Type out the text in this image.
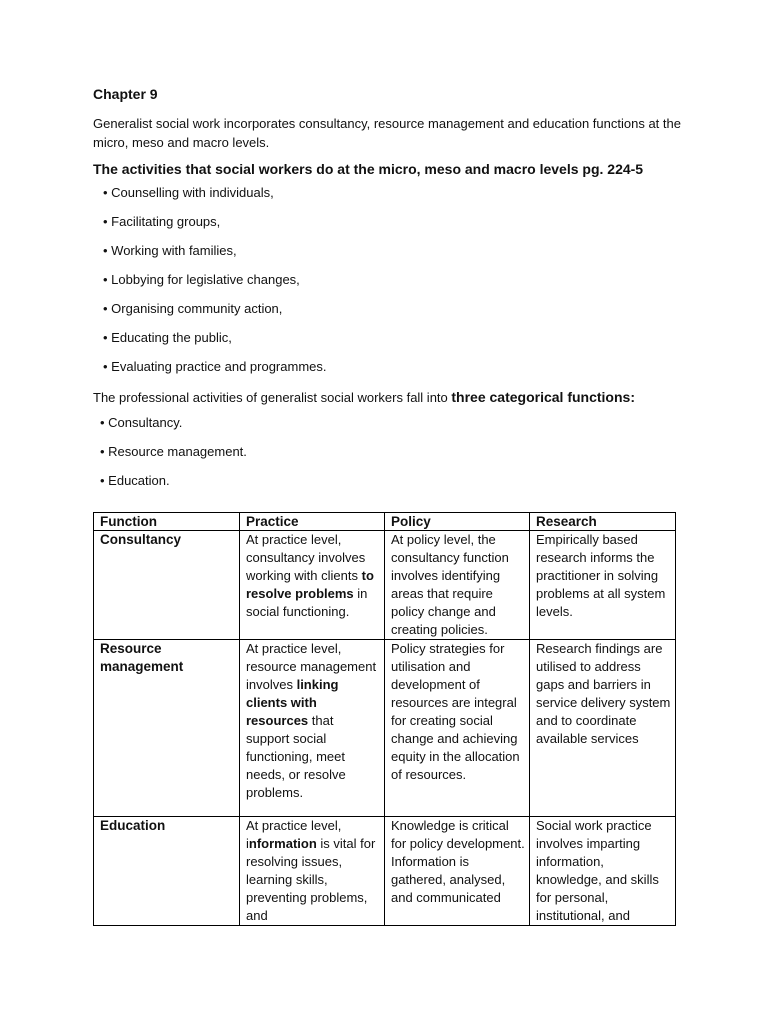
Chapter 9
Generalist social work incorporates consultancy, resource management and education functions at the micro, meso and macro levels.
The activities that social workers do at the micro, meso and macro levels pg. 224-5
• Counselling with individuals,
• Facilitating groups,
• Working with families,
• Lobbying for legislative changes,
• Organising community action,
• Educating the public,
• Evaluating practice and programmes.
The professional activities of generalist social workers fall into three categorical functions:
• Consultancy.
• Resource management.
• Education.
Function	Practice	Policy	Research
Consultancy	At practice level, consultancy involves working with clients to resolve problems in social functioning.	At policy level, the consultancy function involves identifying areas that require policy change and creating policies.	Empirically based research informs the practitioner in solving problems at all system levels.
Resource management	At practice level, resource management involves linking clients with resources that support social functioning, meet needs, or resolve problems.	Policy strategies for utilisation and development of resources are integral for creating social change and achieving equity in the allocation of resources.	Research findings are utilised to address gaps and barriers in service delivery system and to coordinate available services
Education	At practice level, information is vital for resolving issues, learning skills, preventing problems, and	Knowledge is critical for policy development. Information is gathered, analysed, and communicated	Social work practice involves imparting information, knowledge, and skills for personal, institutional, and
